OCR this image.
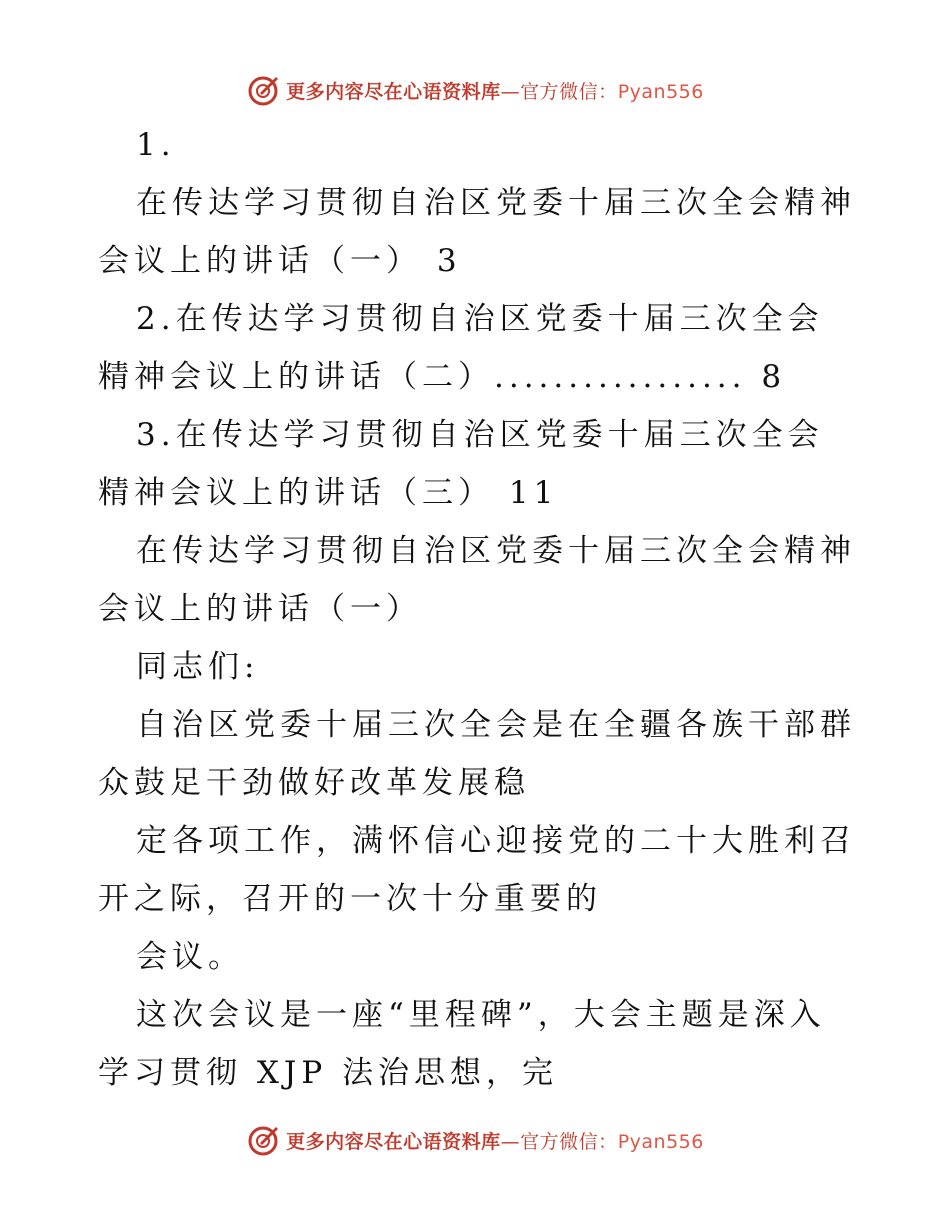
更多内容尽在心语资料库—官方微信：Pyan556

1.

在传达学习贯彻自治区党委十届三次全会精神会议上的讲话（一） 3

2.在传达学习贯彻自治区党委十届三次全会精神会议上的讲话（二）................. 8

3.在传达学习贯彻自治区党委十届三次全会精神会议上的讲话（三） 11

在传达学习贯彻自治区党委十届三次全会精神会议上的讲话（一）

同志们:

自治区党委十届三次全会是在全疆各族干部群众鼓足干劲做好改革发展稳

定各项工作，满怀信心迎接党的二十大胜利召开之际，召开的一次十分重要的

会议。

这次会议是一座“里程碑”，大会主题是深入学习贯彻 XJP 法治思想，完

更多内容尽在心语资料库—官方微信：Pyan556
